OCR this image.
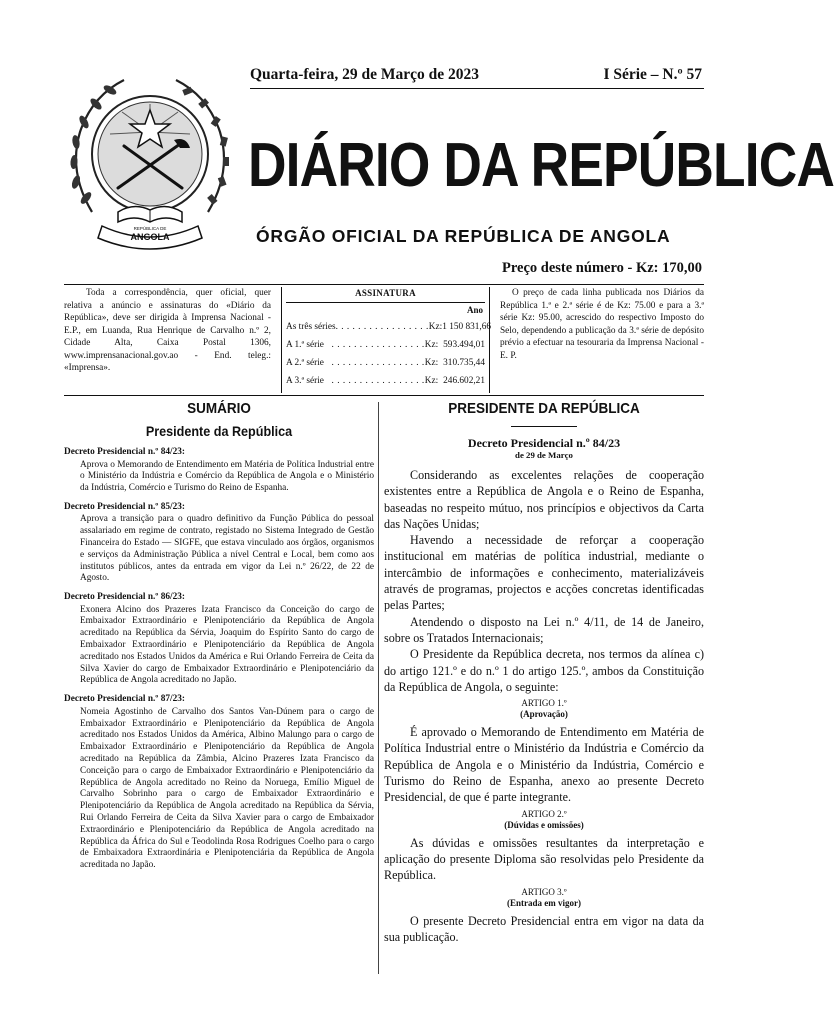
ANGOLA
REPÚBLICA DE
Quarta-feira, 29 de Março de 2023	I Série – N.º 57
DIÁRIO DA REPÚBLICA
ÓRGÃO OFICIAL DA REPÚBLICA DE ANGOLA
Preço deste número - Kz: 170,00
Toda a correspondência, quer oficial, quer relativa a anúncio e assinaturas do «Diário da República», deve ser dirigida à Imprensa Nacional - E.P., em Luanda, Rua Henrique de Carvalho n.º 2, Cidade Alta, Caixa Postal 1306, www.imprensanacional.gov.ao - End. teleg.: «Imprensa».
ASSINATURA
Ano
As três séries . . . . . . . . . . . . . . . . . Kz: 1 150 831,66
A 1.ª série . . . . . . . . . . . . . . . . . Kz: 593.494,01
A 2.ª série . . . . . . . . . . . . . . . . . Kz: 310.735,44
A 3.ª série . . . . . . . . . . . . . . . . . Kz: 246.602,21
O preço de cada linha publicada nos Diários da República 1.ª e 2.ª série é de Kz: 75.00 e para a 3.ª série Kz: 95.00, acrescido do respectivo Imposto do Selo, dependendo a publicação da 3.ª série de depósito prévio a efectuar na tesouraria da Imprensa Nacional - E. P.
SUMÁRIO
Presidente da República
Decreto Presidencial n.º 84/23:
Aprova o Memorando de Entendimento em Matéria de Política Industrial entre o Ministério da Indústria e Comércio da República de Angola e o Ministério da Indústria, Comércio e Turismo do Reino de Espanha.
Decreto Presidencial n.º 85/23:
Aprova a transição para o quadro definitivo da Função Pública do pessoal assalariado em regime de contrato, registado no Sistema Integrado de Gestão Financeira do Estado — SIGFE, que estava vinculado aos órgãos, organismos e serviços da Administração Pública a nível Central e Local, bem como aos institutos públicos, antes da entrada em vigor da Lei n.º 26/22, de 22 de Agosto.
Decreto Presidencial n.º 86/23:
Exonera Alcino dos Prazeres Izata Francisco da Conceição do cargo de Embaixador Extraordinário e Plenipotenciário da República de Angola acreditado na República da Sérvia, Joaquim do Espírito Santo do cargo de Embaixador Extraordinário e Plenipotenciário da República de Angola acreditado nos Estados Unidos da América e Rui Orlando Ferreira de Ceita da Silva Xavier do cargo de Embaixador Extraordinário e Plenipotenciário da República de Angola acreditado no Japão.
Decreto Presidencial n.º 87/23:
Nomeia Agostinho de Carvalho dos Santos Van-Dúnem para o cargo de Embaixador Extraordinário e Plenipotenciário da República de Angola acreditado nos Estados Unidos da América, Albino Malungo para o cargo de Embaixador Extraordinário e Plenipotenciário da República de Angola acreditado na República da Zâmbia, Alcino Prazeres Izata Francisco da Conceição para o cargo de Embaixador Extraordinário e Plenipotenciário da República de Angola acreditado no Reino da Noruega, Emílio Miguel de Carvalho Sobrinho para o cargo de Embaixador Extraordinário e Plenipotenciário da República de Angola acreditado na República da Sérvia, Rui Orlando Ferreira de Ceita da Silva Xavier para o cargo de Embaixador Extraordinário e Plenipotenciário da República de Angola acreditado na República da África do Sul e Teodolinda Rosa Rodrigues Coelho para o cargo de Embaixadora Extraordinária e Plenipotenciária da República de Angola acreditada no Japão.
PRESIDENTE DA REPÚBLICA
Decreto Presidencial n.º 84/23
de 29 de Março

Considerando as excelentes relações de cooperação existentes entre a República de Angola e o Reino de Espanha, baseadas no respeito mútuo, nos princípios e objectivos da Carta das Nações Unidas;

Havendo a necessidade de reforçar a cooperação institucional em matérias de política industrial, mediante o intercâmbio de informações e conhecimento, materializáveis através de programas, projectos e acções concretas identificadas pelas Partes;

Atendendo o disposto na Lei n.º 4/11, de 14 de Janeiro, sobre os Tratados Internacionais;

O Presidente da República decreta, nos termos da alínea c) do artigo 121.º e do n.º 1 do artigo 125.º, ambos da Constituição da República de Angola, o seguinte:

ARTIGO 1.º
(Aprovação)

É aprovado o Memorando de Entendimento em Matéria de Política Industrial entre o Ministério da Indústria e Comércio da República de Angola e o Ministério da Indústria, Comércio e Turismo do Reino de Espanha, anexo ao presente Decreto Presidencial, de que é parte integrante.

ARTIGO 2.º
(Dúvidas e omissões)

As dúvidas e omissões resultantes da interpretação e aplicação do presente Diploma são resolvidas pelo Presidente da República.

ARTIGO 3.º
(Entrada em vigor)

O presente Decreto Presidencial entra em vigor na data da sua publicação.
